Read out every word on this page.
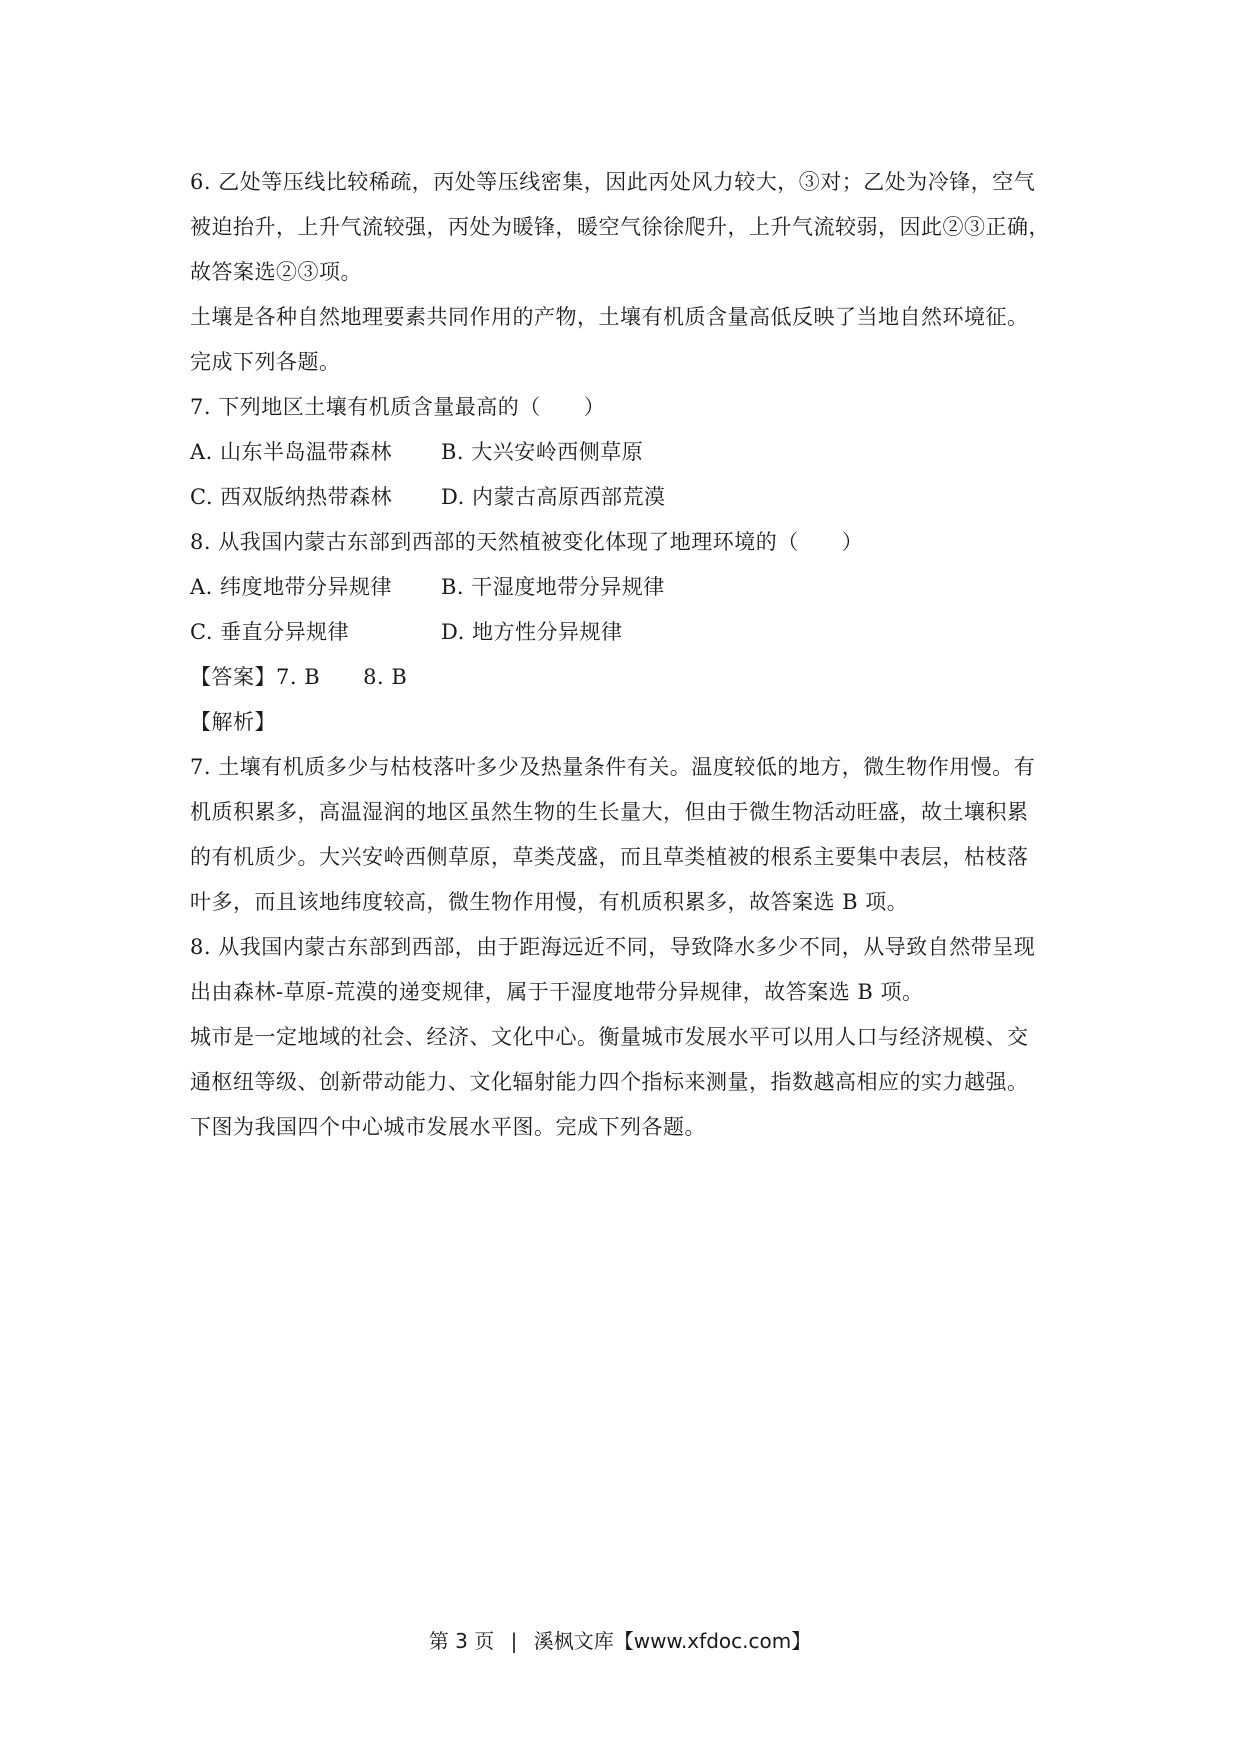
6. 乙处等压线比较稀疏，丙处等压线密集，因此丙处风力较大，③对；乙处为冷锋，空气
被迫抬升，上升气流较强，丙处为暖锋，暖空气徐徐爬升，上升气流较弱，因此②③正确，
故答案选②③项。
土壤是各种自然地理要素共同作用的产物，土壤有机质含量高低反映了当地自然环境征。
完成下列各题。
7. 下列地区土壤有机质含量最高的（　　）
A. 山东半岛温带森林	B. 大兴安岭西侧草原
C. 西双版纳热带森林	D. 内蒙古高原西部荒漠
8. 从我国内蒙古东部到西部的天然植被变化体现了地理环境的（　　）
A. 纬度地带分异规律	B. 干湿度地带分异规律
C. 垂直分异规律	D. 地方性分异规律
【答案】7. B　　8. B
【解析】
7. 土壤有机质多少与枯枝落叶多少及热量条件有关。温度较低的地方，微生物作用慢。有
机质积累多，高温湿润的地区虽然生物的生长量大，但由于微生物活动旺盛，故土壤积累
的有机质少。大兴安岭西侧草原，草类茂盛，而且草类植被的根系主要集中表层，枯枝落
叶多，而且该地纬度较高，微生物作用慢，有机质积累多，故答案选 B 项。
8. 从我国内蒙古东部到西部，由于距海远近不同，导致降水多少不同，从导致自然带呈现
出由森林-草原-荒漠的递变规律，属于干湿度地带分异规律，故答案选 B 项。
城市是一定地域的社会、经济、文化中心。衡量城市发展水平可以用人口与经济规模、交
通枢纽等级、创新带动能力、文化辐射能力四个指标来测量，指数越高相应的实力越强。
下图为我国四个中心城市发展水平图。完成下列各题。
第 3 页 | 溪枫文库【www.xfdoc.com】
